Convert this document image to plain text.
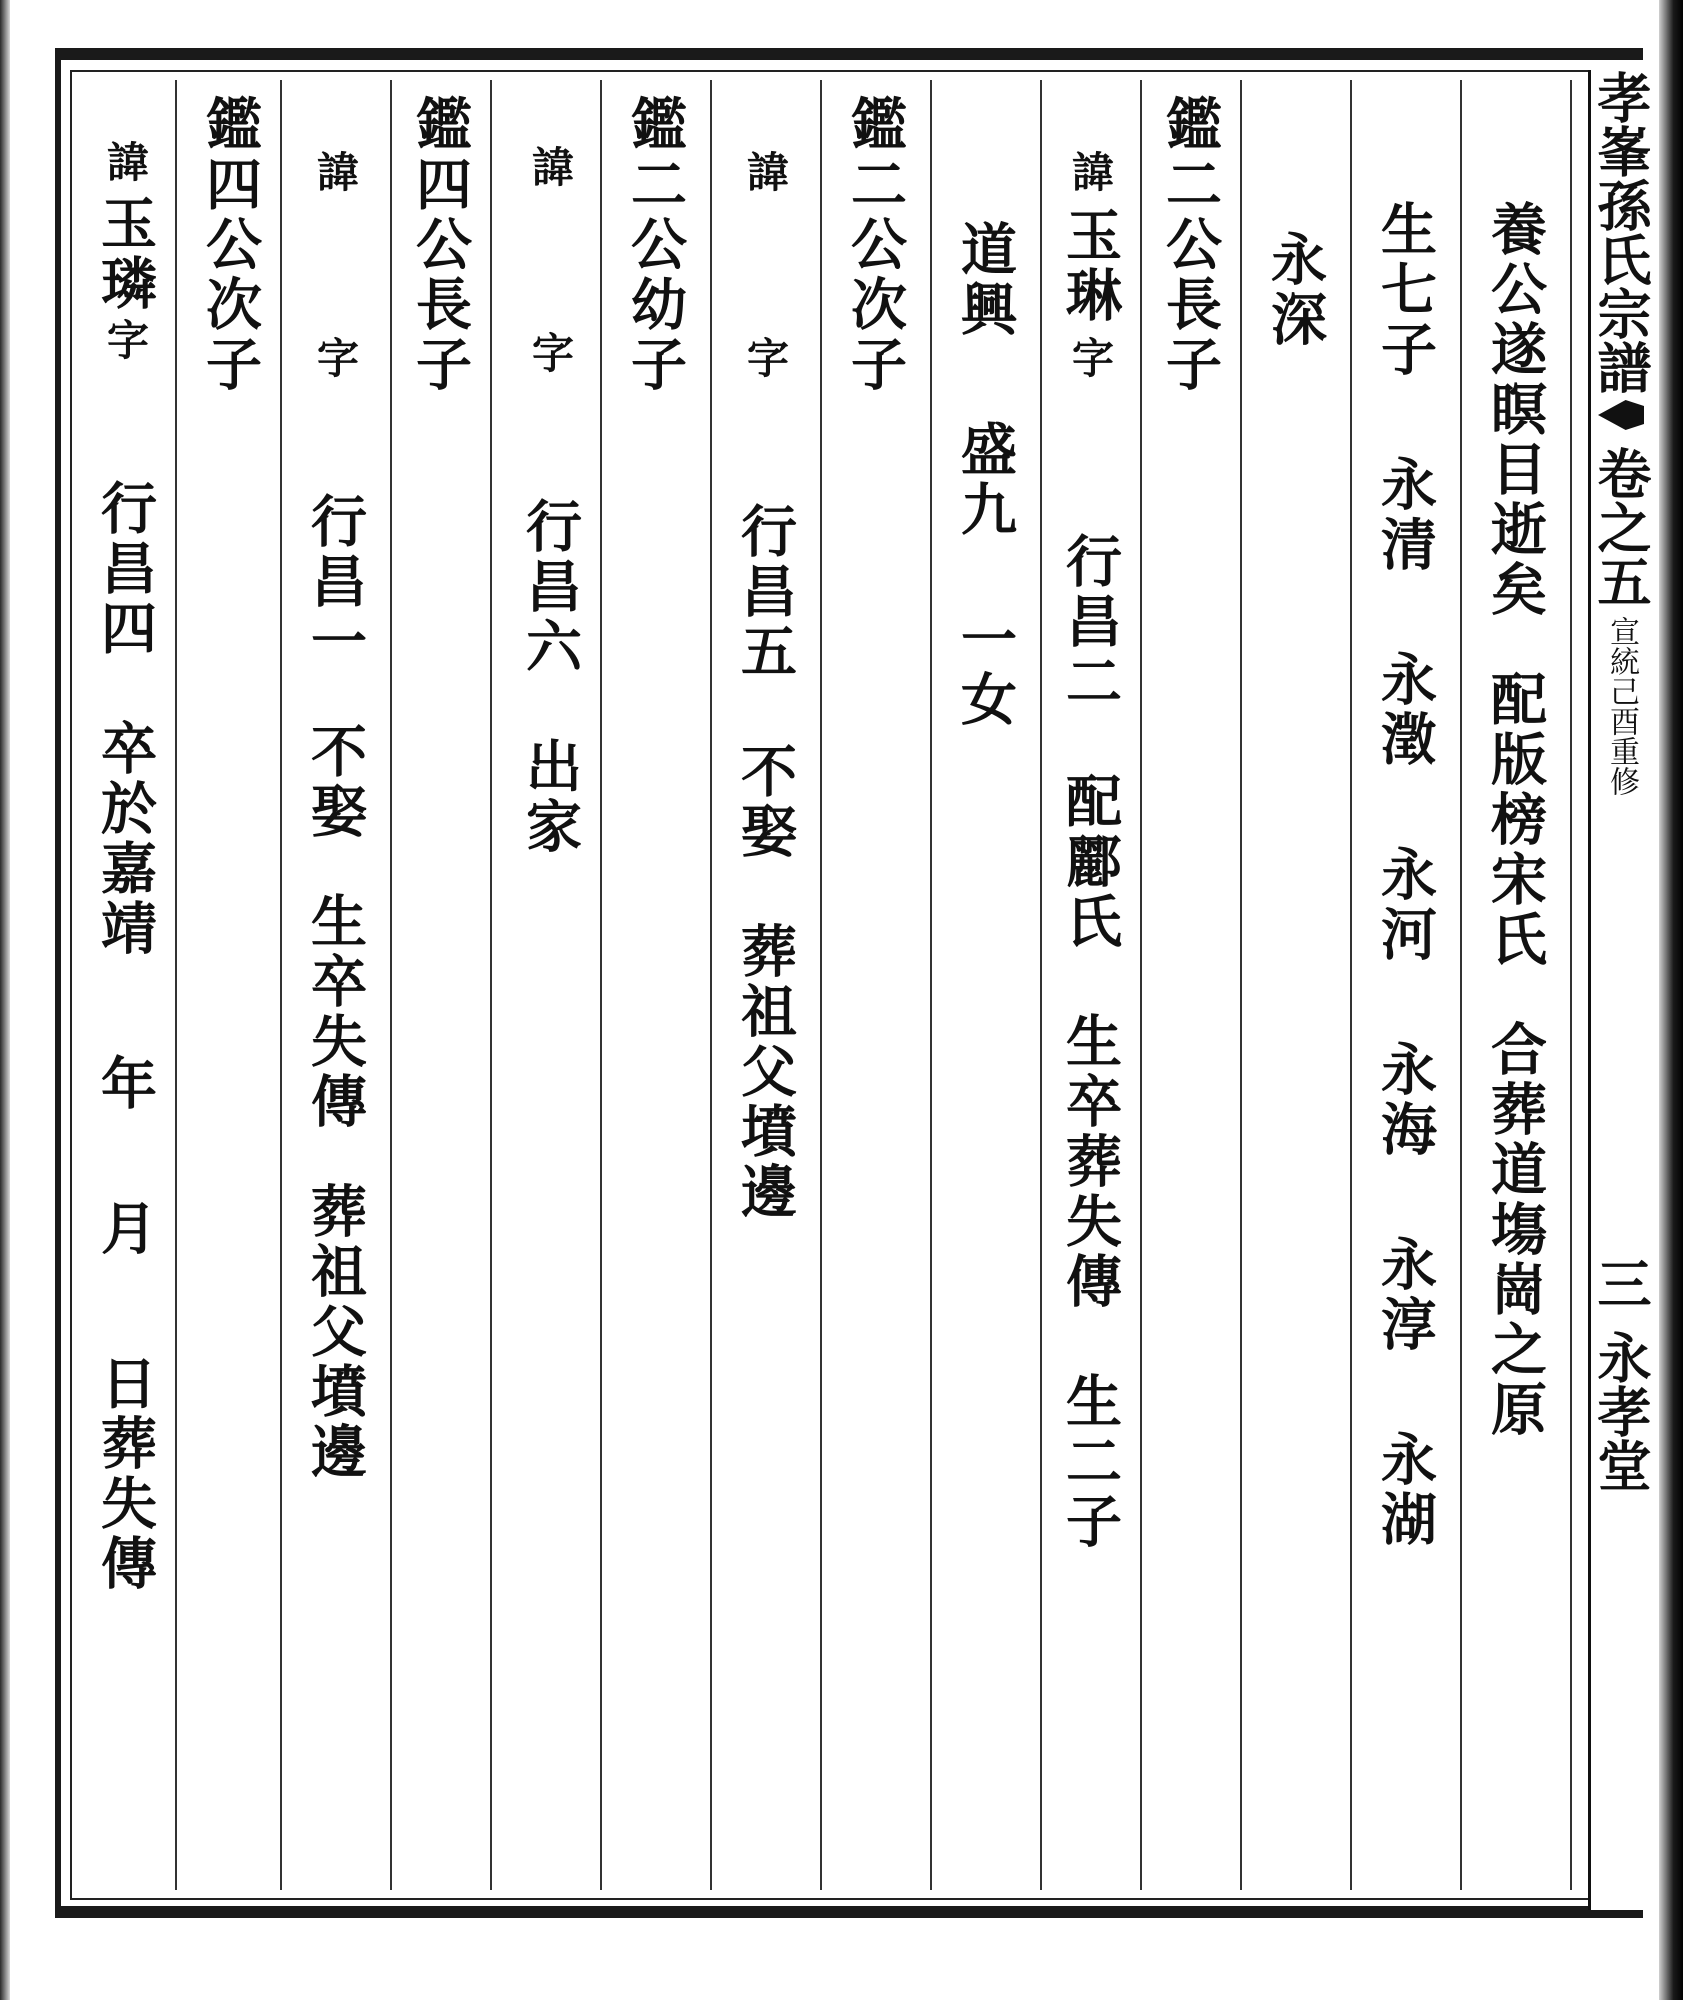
孝峯孫氏宗譜
卷之五
宣統己酉重修
三
永孝堂
養公遂瞑目逝矣
配
版榜宋氏
合葬道塲崗之原
生七子
永清
永澂
永河
永海
永淳
永湖
永深
鑑二公長子
諱
玉琳
字
行昌二
配酈氏
生卒葬失傳
生二子
道興
盛九
一女
鑑二公次子
諱
字
行昌五
不娶
葬祖父墳邊
鑑二公幼子
諱
字
行昌六
出家
鑑四公長子
諱
字
行昌一
不娶
生卒失傳
葬祖父墳邊
鑑四公次子
諱
玉璘
字
行昌四
卒於嘉靖
年
月
日葬失傳
